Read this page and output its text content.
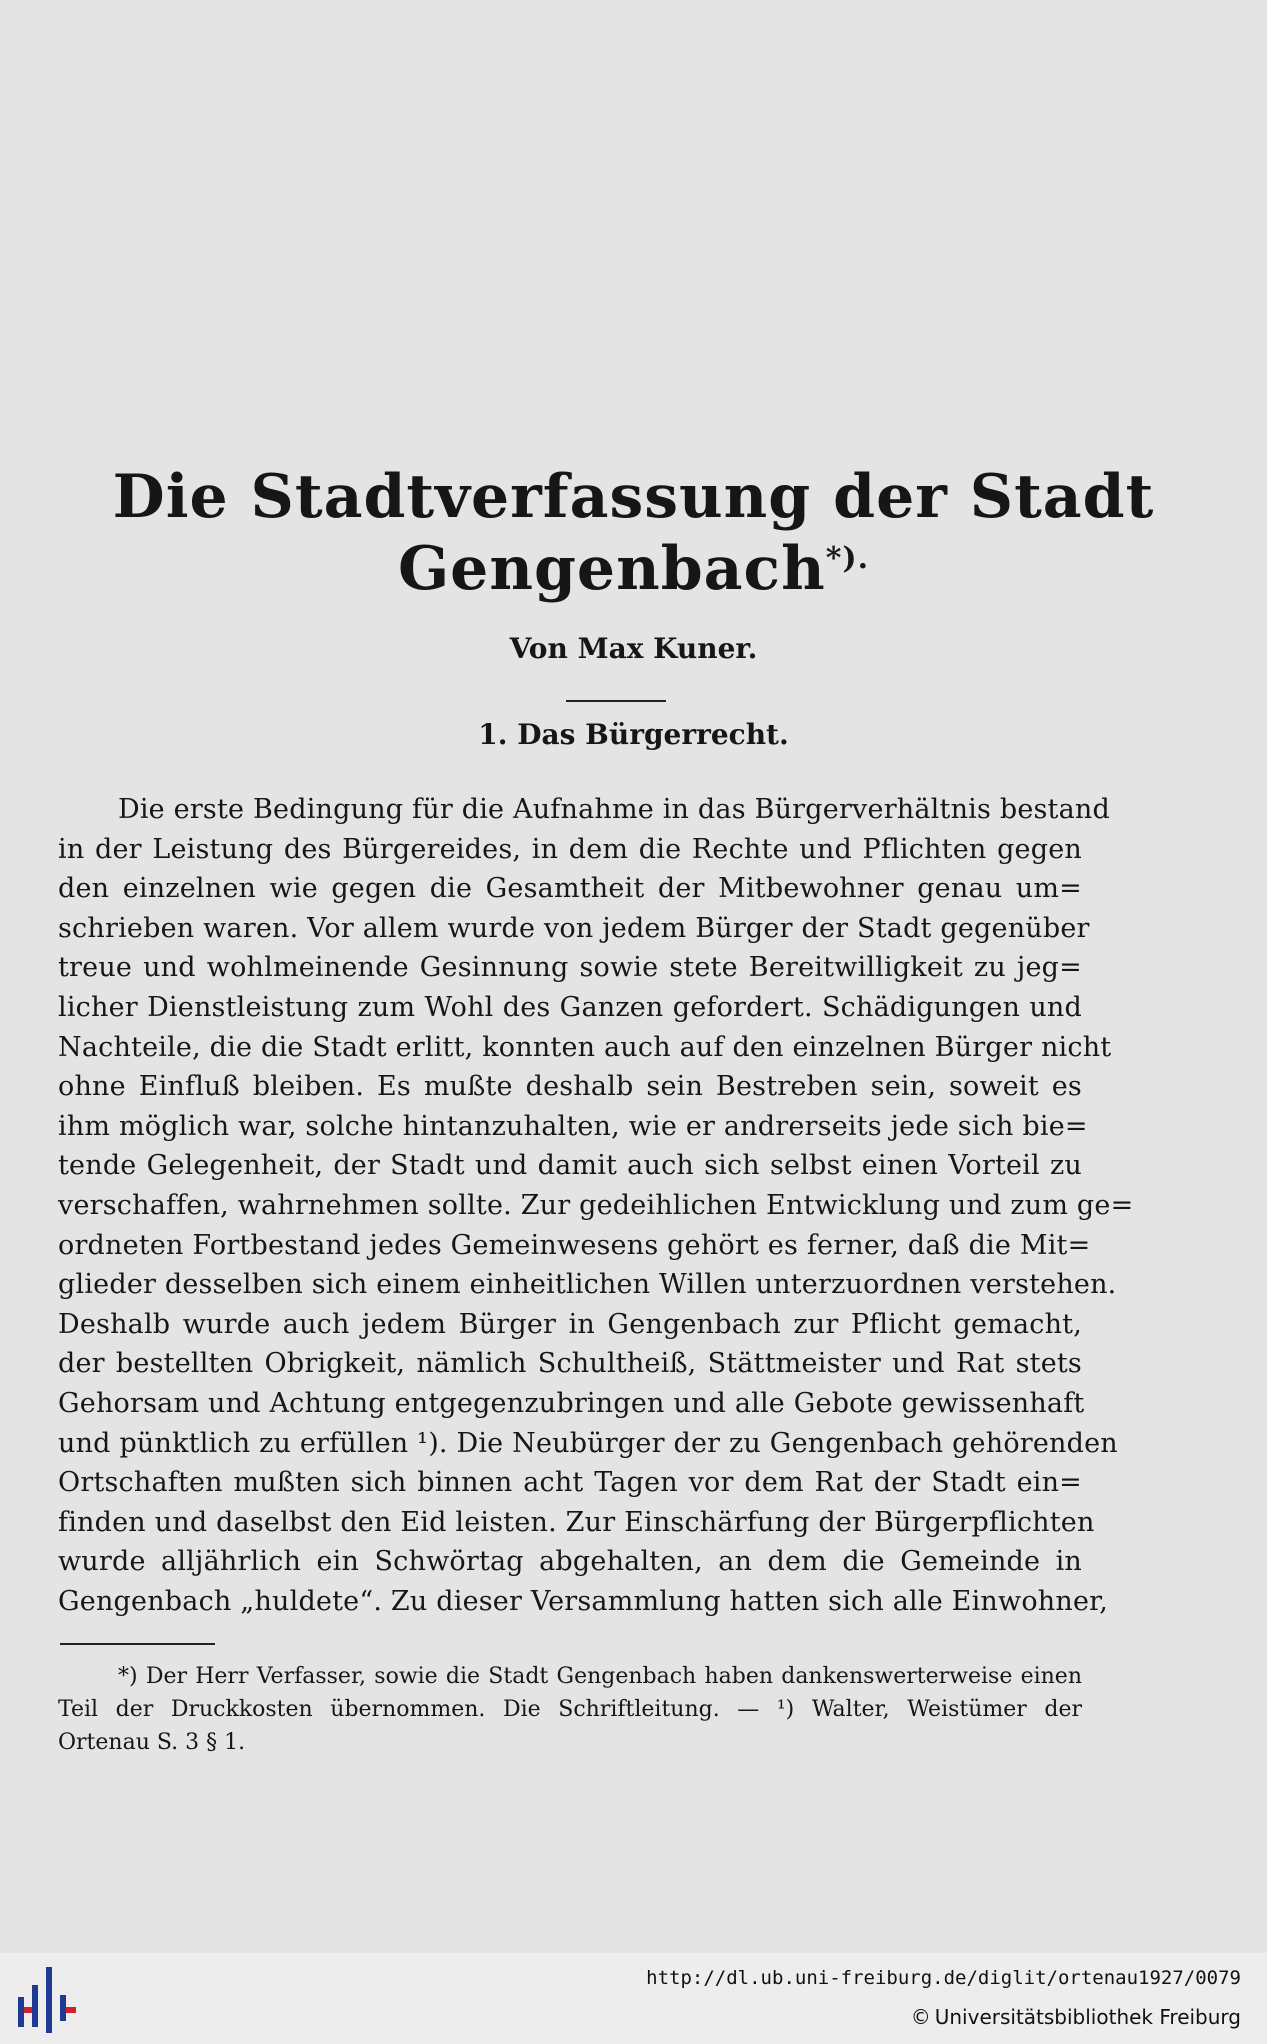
Die Stadtverfassung der Stadt
Gengenbach*).
Von Max Kuner.
1. Das Bürgerrecht.
Die erste Bedingung für die Aufnahme in das Bürgerverhältnis bestand
in der Leistung des Bürgereides, in dem die Rechte und Pflichten gegen
den einzelnen wie gegen die Gesamtheit der Mitbewohner genau um=
schrieben waren. Vor allem wurde von jedem Bürger der Stadt gegenüber
treue und wohlmeinende Gesinnung sowie stete Bereitwilligkeit zu jeg=
licher Dienstleistung zum Wohl des Ganzen gefordert. Schädigungen und
Nachteile, die die Stadt erlitt, konnten auch auf den einzelnen Bürger nicht
ohne Einfluß bleiben. Es mußte deshalb sein Bestreben sein, soweit es
ihm möglich war, solche hintanzuhalten, wie er andrerseits jede sich bie=
tende Gelegenheit, der Stadt und damit auch sich selbst einen Vorteil zu
verschaffen, wahrnehmen sollte. Zur gedeihlichen Entwicklung und zum ge=
ordneten Fortbestand jedes Gemeinwesens gehört es ferner, daß die Mit=
glieder desselben sich einem einheitlichen Willen unterzuordnen verstehen.
Deshalb wurde auch jedem Bürger in Gengenbach zur Pflicht gemacht,
der bestellten Obrigkeit, nämlich Schultheiß, Stättmeister und Rat stets
Gehorsam und Achtung entgegenzubringen und alle Gebote gewissenhaft
und pünktlich zu erfüllen ¹). Die Neubürger der zu Gengenbach gehörenden
Ortschaften mußten sich binnen acht Tagen vor dem Rat der Stadt ein=
finden und daselbst den Eid leisten. Zur Einschärfung der Bürgerpflichten
wurde alljährlich ein Schwörtag abgehalten, an dem die Gemeinde in
Gengenbach „huldete“. Zu dieser Versammlung hatten sich alle Einwohner,
*) Der Herr Verfasser, sowie die Stadt Gengenbach haben dankenswerterweise einen
Teil der Druckkosten übernommen. Die Schriftleitung. — ¹) Walter, Weistümer der
Ortenau S. 3 § 1.
http://dl.ub.uni-freiburg.de/diglit/ortenau1927/0079
© Universitätsbibliothek Freiburg
